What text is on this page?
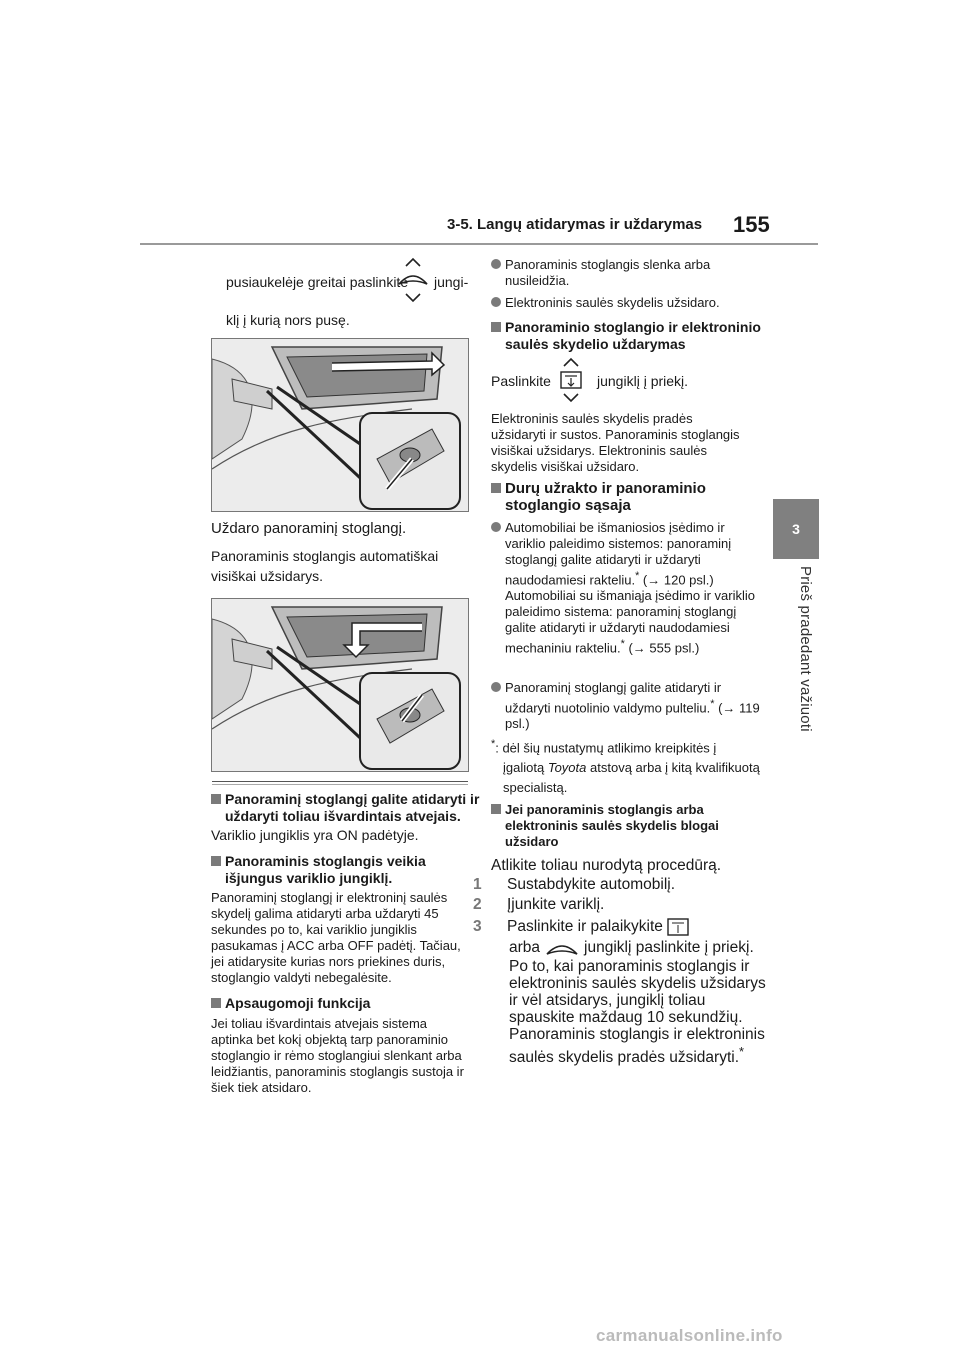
3-5. Langų atidarymas ir uždarymas 155
3
Prieš pradedant važiuoti
pusiaukelėje greitai paslinkite jungi-
klį į kurią nors pusę.
Uždaro panoraminį stoglangį.
Panoraminis stoglangis automatiškai visiškai užsidarys.
Panoraminį stoglangį galite atidaryti ir uždaryti toliau išvardintais atvejais.
Variklio jungiklis yra ON padėtyje.
Panoraminis stoglangis veikia išjungus variklio jungiklį.
Panoraminį stoglangį ir elektroninį saulės skydelį galima atidaryti arba uždaryti 45 sekundes po to, kai variklio jungiklis pasukamas į ACC arba OFF padėtį. Tačiau, jei atidarysite kurias nors priekines duris, stoglangio valdyti nebegalėsite.
Apsaugomoji funkcija
Jei toliau išvardintais atvejais sistema aptinka bet kokį objektą tarp panoraminio stoglangio ir rėmo stoglangiui slenkant arba leidžiantis, panoraminis stoglangis sustoja ir šiek tiek atsidaro.
Panoraminis stoglangis slenka arba nusileidžia.
Elektroninis saulės skydelis užsidaro.
Panoraminio stoglangio ir elektroninio saulės skydelio uždarymas
Paslinkite	jungiklį į priekį.
Elektroninis saulės skydelis pradės užsidaryti ir sustos. Panoraminis stoglangis visiškai užsidarys. Elektroninis saulės skydelis visiškai užsidaro.
Durų užrakto ir panoraminio stoglangio sąsaja
Automobiliai be išmaniosios įsėdimo ir variklio paleidimo sistemos: panoraminį stoglangį galite atidaryti ir uždaryti naudodamiesi rakteliu.* (→ 120 psl.) Automobiliai su išmaniąja įsėdimo ir variklio paleidimo sistema: panoraminį stoglangį galite atidaryti ir uždaryti naudodamiesi mechaniniu rakteliu.* (→ 555 psl.)
Panoraminį stoglangį galite atidaryti ir uždaryti nuotolinio valdymo pulteliu.* (→ 119 psl.)
*: dėl šių nustatymų atlikimo kreipkitės į įgaliotą Toyota atstovą arba į kitą kvalifikuotą specialistą.
Jei panoraminis stoglangis arba elektroninis saulės skydelis blogai užsidaro
Atlikite toliau nurodytą procedūrą.
1 Sustabdykite automobilį.
2 Įjunkite variklį.
3 Paslinkite ir palaikykite
arba	jungiklį paslinkite į priekį. Po to, kai panoraminis stoglangis ir elektroninis saulės skydelis užsidarys ir vėl atsidarys, jungiklį toliau spauskite maždaug 10 sekundžių. Panoraminis stoglangis ir elektroninis saulės skydelis pradės užsidaryti.*
carmanualsonline.info
